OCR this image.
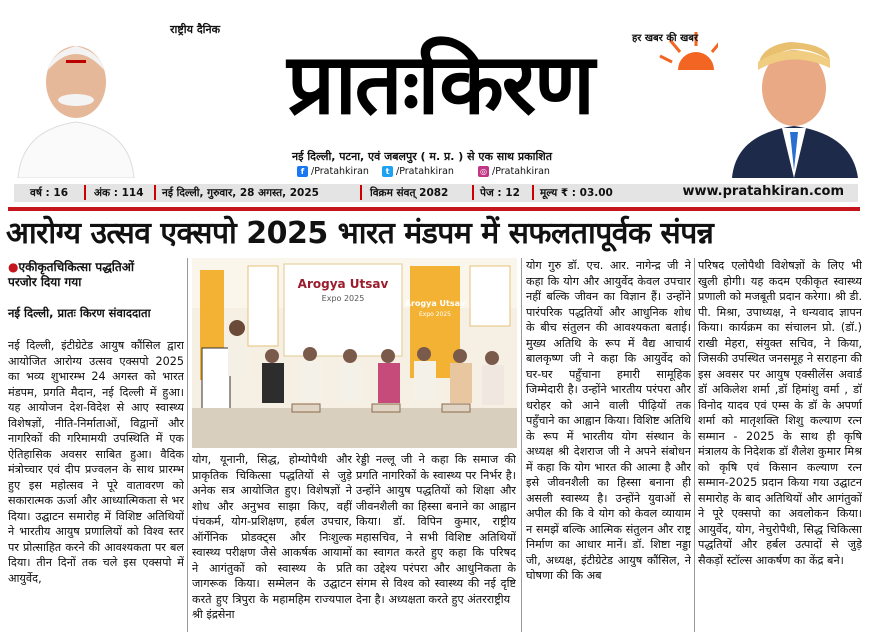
राष्ट्रीय दैनिक
प्रातःकिरण	हर खबर की खबर
नई दिल्ली, पटना, एवं जबलपुर ( म. प्र. ) से एक साथ प्रकाशित
f /Pratahkiran	t /Pratahkiran	◎ /Pratahkiran
वर्ष : 16 अंक : 114 नई दिल्ली, गुरुवार, 28 अगस्त, 2025	विक्रम संवत् 2082	पेज : 12 मूल्य ₹ : 03.00	www.pratahkiran.com
आरोग्य उत्सव एक्सपो 2025 भारत मंडपम में सफलतापूर्वक संपन्न
●एकीकृतचिकित्सा पद्धतिओं
परजोर दिया गया
नई दिल्ली, प्रातः किरण संवाददाता

नई दिल्ली, इंटीग्रेटेड आयुष कौंसिल द्वारा आयोजित आरोग्य उत्सव एक्सपो 2025 का भव्य शुभारम्भ 24 अगस्त को भारत मंडपम, प्रगति मैदान, नई दिल्ली में हुआ। यह आयोजन देश-विदेश से आए स्वास्थ्य विशेषज्ञों, नीति-निर्माताओं, विद्वानों और नागरिकों की गरिमामयी उपस्थिति में एक ऐतिहासिक अवसर साबित हुआ। वैदिक मंत्रोच्चार एवं दीप प्रज्वलन के साथ प्रारम्भ हुए इस महोत्सव ने पूरे वातावरण को सकारात्मक ऊर्जा और आध्यात्मिकता से भर दिया। उद्घाटन समारोह में विशिष्ट अतिथियों ने भारतीय आयुष प्रणालियों को विश्व स्तर पर प्रोत्साहित करने की आवश्यकता पर बल दिया। तीन दिनों तक चले इस एक्सपो में आयुर्वेद,

Arogya Utsav
Expo 2025
Arogya Utsav
Expo 2025

योग, यूनानी, सिद्ध, होम्योपैथी और प्राकृतिक चिकित्सा पद्धतियों से जुड़े अनेक सत्र आयोजित हुए। विशेषज्ञों ने शोध और अनुभव साझा किए, वहीं पंचकर्म, योग-प्रशिक्षण, हर्बल उपचार, ऑर्गेनिक प्रोडक्ट्स और निःशुल्क स्वास्थ्य परीक्षण जैसे आकर्षक आयामों ने आगंतुकों को स्वास्थ्य के प्रति जागरूक किया। सम्मेलन के उद्घाटन करते हुए त्रिपुरा के महामहिम राज्यपाल श्री इंद्रसेना

रेड्डी नल्लू जी ने कहा कि समाज की प्रगति नागरिकों के स्वास्थ्य पर निर्भर है। उन्होंने आयुष पद्धतियों को शिक्षा और जीवनशैली का हिस्सा बनाने का आह्वान किया। डॉ. विपिन कुमार, राष्ट्रीय महासचिव, ने सभी विशिष्ट अतिथियों का स्वागत करते हुए कहा कि परिषद का उद्देश्य परंपरा और आधुनिकता के संगम से विश्व को स्वास्थ्य की नई दृष्टि देना है। अध्यक्षता करते हुए अंतरराष्ट्रीय

योग गुरु डॉ. एच. आर. नागेन्द्र जी ने कहा कि योग और आयुर्वेद केवल उपचार नहीं बल्कि जीवन का विज्ञान हैं। उन्होंने पारंपरिक पद्धतियों और आधुनिक शोध के बीच संतुलन की आवश्यकता बताई। मुख्य अतिथि के रूप में वैद्य आचार्य बालकृष्ण जी ने कहा कि आयुर्वेद को घर-घर पहुँचाना हमारी सामूहिक जिम्मेदारी है। उन्होंने भारतीय परंपरा और धरोहर को आने वाली पीढ़ियों तक पहुँचाने का आह्वान किया। विशिष्ट अतिथि के रूप में भारतीय योग संस्थान के अध्यक्ष श्री देशराज जी ने अपने संबोधन में कहा कि योग भारत की आत्मा है और इसे जीवनशैली का हिस्सा बनाना ही असली स्वास्थ्य है। उन्होंने युवाओं से अपील की कि वे योग को केवल व्यायाम न समझें बल्कि आत्मिक संतुलन और राष्ट्र निर्माण का आधार मानें। डॉ. शिष्टा नड्डा जी, अध्यक्ष, इंटीग्रेटेड आयुष कौंसिल, ने घोषणा की कि अब

परिषद एलोपैथी विशेषज्ञों के लिए भी खुली होगी। यह कदम एकीकृत स्वास्थ्य प्रणाली को मजबूती प्रदान करेगा। श्री डी. पी. मिश्रा, उपाध्यक्ष, ने धन्यवाद ज्ञापन किया। कार्यक्रम का संचालन प्रो. (डॉ.) राखी मेहरा, संयुक्त सचिव, ने किया, जिसकी उपस्थित जनसमूह ने सराहना की इस अवसर पर आयुष एक्सीलेंस अवार्ड डॉ अकिलेश शर्मा ,डॉ हिमांशु वर्मा , डॉ विनोद यादव एवं एम्स के डॉ के अपर्णा शर्मा को मातृशक्ति शिशु कल्याण रत्न सम्मान - 2025 के साथ ही कृषि मंत्रालय के निदेशक डॉ शैलेश कुमार मिश्र को कृषि एवं किसान कल्याण रत्न सम्मान-2025 प्रदान किया गया उद्घाटन समारोह के बाद अतिथियों और आगंतुकों ने पूरे एक्सपो का अवलोकन किया। आयुर्वेद, योग, नेचुरोपैथी, सिद्ध चिकित्सा पद्धतियों और हर्बल उत्पादों से जुड़े सैकड़ों स्टॉल्स आकर्षण का केंद्र बने।
